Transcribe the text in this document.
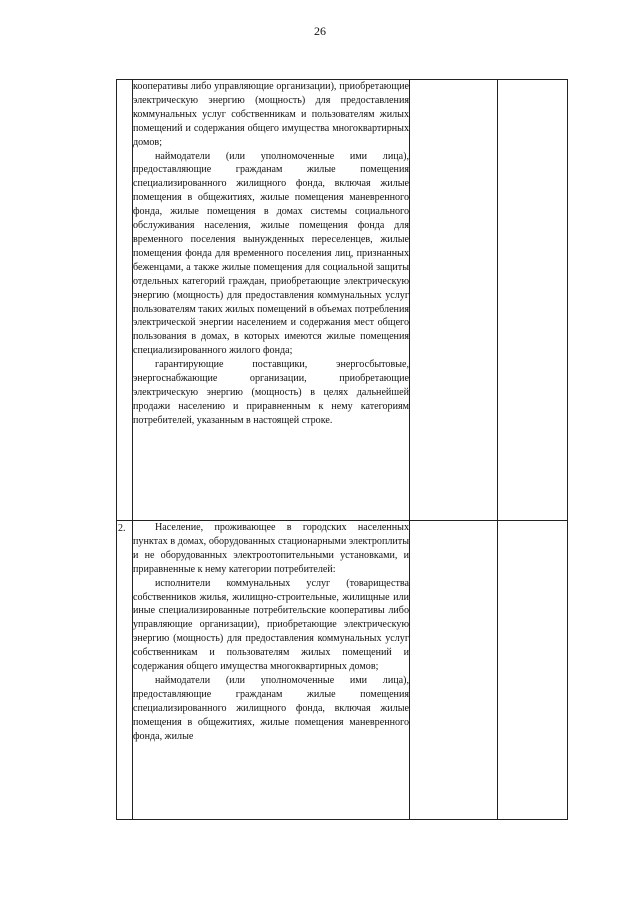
26

	кооперативы либо управляющие организации), приобретающие электрическую энергию (мощность) для предоставления коммунальных услуг собственникам и пользователям жилых помещений и содержания общего имущества многоквартирных домов;

наймодатели (или уполномоченные ими лица), предоставляющие гражданам жилые помещения специализированного жилищного фонда, включая жилые помещения в общежитиях, жилые помещения маневренного фонда, жилые помещения в домах системы социального обслуживания населения, жилые помещения фонда для временного поселения вынужденных переселенцев, жилые помещения фонда для временного поселения лиц, признанных беженцами, а также жилые помещения для социальной защиты отдельных категорий граждан, приобретающие электрическую энергию (мощность) для предоставления коммунальных услуг пользователям таких жилых помещений в объемах потребления электрической энергии населением и содержания мест общего пользования в домах, в которых имеются жилые помещения специализированного жилого фонда;

гарантирующие поставщики, энергосбытовые, энергоснабжающие организации, приобретающие электрическую энергию (мощность) в целях дальнейшей продажи населению и приравненным к нему категориям потребителей, указанным в настоящей строке.		

2.	Население, проживающее в городских населенных пунктах в домах, оборудованных стационарными электроплиты и не оборудованных электроотопительными установками, и приравненные к нему категории потребителей:

исполнители коммунальных услуг (товарищества собственников жилья, жилищно-строительные, жилищные или иные специализированные потребительские кооперативы либо управляющие организации), приобретающие электрическую энергию (мощность) для предоставления коммунальных услуг собственникам и пользователям жилых помещений и содержания общего имущества многоквартирных домов;

наймодатели (или уполномоченные ими лица), предоставляющие гражданам жилые помещения специализированного жилищного фонда, включая жилые помещения в общежитиях, жилые помещения маневренного фонда, жилые		
